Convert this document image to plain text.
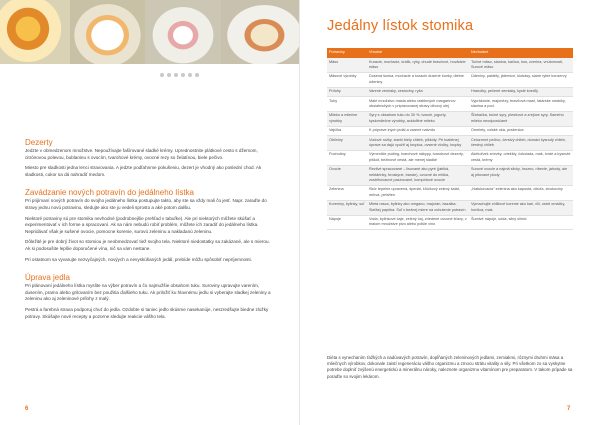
Dezerty

Jedzte v obmedzenom množstve. Nepoužívajte fašírované sladké krémy. Uprednostnite plátkové cesto s džemom, citrónovou polevou, bublaninu s ovocím, tvarohové krémy, ovocné rezy so želatínou, biele pečivo.

Miesto pre sladkosti jedna lenci stravovania. A jedzte podľahnme pokušeniu, dezert je vhodný ako poslední chod. Ak sladkosti, cukor sa dá nahradiť medom.

Zavádzanie nových potravín do jedálneho lístka

Pri prijímaní nových potravín do svojho jedálneho lístka postupujte takto, aby ste sa vždy mali čo jesť. Napr. zaraďte do stravy jednu novú potravinu, sledujte ako ste ju vedeli sprosto a aké potom dalšiu.

Niektoré potraviny sú pre stomika nevhodné (podrobnejšie prehľad v tabuľke). Ale pri niektorých môžete skúšať a experimentovať v ich forme a spracovaní. Ak sa nám nebudú robiť problém, môžete ich zaradiť do jedálneho lístka. Nepridávať však je sušené ovocie, pomocne korenie, surovú zeleninu a nakladanú zeleninu.

Dôležité je pre dobrý život so stomiou je neobmedzovať tiež svojho tela. Niektoré niedostatky sa zakázané, ale s mierou. Ak si podosušite lepšie doporučené vína, nič sa vám nestane.

Pri ostatnom sa vyvarujte nezvyčajných, novýych a nevyskúšaných jedál, prebíde môžu spôsobiť nepríjemnosti.

Úprava jedla

Pri plánovaní jedálneho lístka myslite na výber potravín a čo najmužšie obsahom tuku. Suroviny upravujte varením, dusením, pramo alebo grilovaním bez použitia ďalšieho tuku. Ak priložiť ku hlavnému jedlu si vyberajte sladkej zeleniny a zeleninu ako aj zeleninové prílohy z malý.

Pestrá a farebná strava podporuj chuť do jedla. Ozdobte si taniec jedlo skúsme nasekanúje, neszredšujte biedne zložky potravy. Skúšajte nové recepty a pozorne sledujte reakcie vášho tela.

6
Jedálny lístok stomika
Potraviny	Vhodné	Nevhodné
Mäso	Kuracie, morčacie, králik, ryby, chudé bravčové, hovädzie mäso	Tučné mäso, slanina, kačica, hus, zverina, vnútornosti, Surové mäso
Mäsové výrobky	Dusená šunka, morčacie a kuracie dusené šunky, diétne údeniny	Údeniny, paštéty, játernice, klobásy, slané rybie konzervy
Prílohy	Varené zemiaky, cestoviny, ryža	Hranolky, pečené zemiaky, kyslé knedľy
Tuky	Malé množstvo masla alebo rastlinných margarínov obsiahnutých v pripravovanej stravy olivový olej	Vyprážanie, majonézy, bravčová masť, tatárske omáčky, slanina a pod.
Mlieko a mliečne výrobky	Syry s obsahom tuku do 30 %, tvaroh, jogurty, kyslomliečne výrobky, acidofilné mlieko	Šľahačka, tučné syry, plesňové a zrejúce syry, Sameho mlieko neodporúčané
Vajíčka	K príprave iných jedál a varené natvrdo	Omelety, volské oká, praženica
Obilniny	Vodové rožky, starší biely chlieb, piškóty. Pri toaletnej úprave sa dajú využiť aj krupica, ovsené vločky, krupky	Celozrnné pečivo, čerstvý chlieb, domáci kysnutý chlieb, čerstvý chlieb
Pochutiny	Výmeničie puding, tvarohové nákypy, tvarohové dezerty, piškót, bežinové cestá, ale menej sladké	Akékoľvek zmrzky, orieškly, čokolada, mak, tvrdé a kysnuté cestá, krémy
Ovocie	Rezlivé spracované – lisované ako pyré (jablká, nektárinky, broskyne, banán), ovocné do miška, zostrihovacné pasírované, kompótové ovocie	Surové ovocie a najmä slivky, hrozno, ríbezle, jahody, ale aj pitované plody
Zelenina	Skôr tepelne upravená, špenát, kľúčkový zelený šalát, mrkva, petržlen	„Nafukovacia" zelenina ako kapusta, cibuľa, strukoviny
Koreniny, bylinky, soľ	Mletá rasca, bylinky ako oregano, majorán, bazalka. Slaťšej paprika. Soľ v bežnej miere na ochutenie potravín	Vymachujte chilliové korenie ako kari, čili, ostré omáčky, horčica, mak
Nápoje	Voda, bylinkové čaje, zelený čaj, zriedené ovocné šťavy, v malom množstve pivo alebo polšie víno	Šumivé nápoje, sóda, silný silnici
Diéta s vynechaním ťažkých a nadúvavých potravín, dopĺňaných zeleninových jedlami, zemiakmi, rôznymi druhmi mäsa a mliečnych výrobkov, dokonale zaistí regeneráciu vášho organizmu a zmocu strátu vitality a sily. Pri všetkom zo sa vyskytne potrebe doplniť zvýšenú energetickú a minerálnu nároky, naleznete organizmu vitamínom pre preparatom. V takom prípade sa poraďte so svojim lekárom.
7
